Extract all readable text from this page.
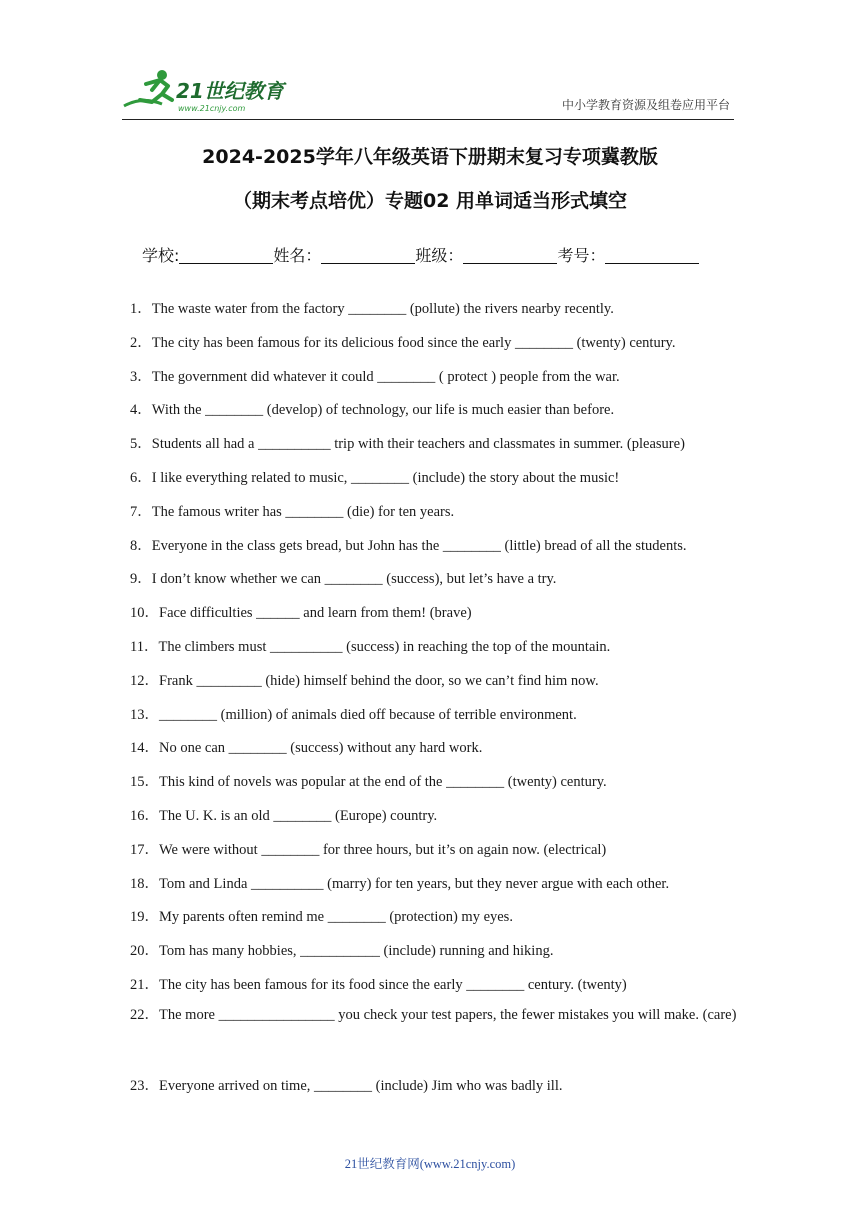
21世纪教育
www.21cnjy.com	中小学教育资源及组卷应用平台
2024-2025学年八年级英语下册期末复习专项冀教版
（期末考点培优）专题02 用单词适当形式填空
学校:	姓名：	班级：	考号：
1．The waste water from the factory ________ (pollute) the rivers nearby recently.
2．The city has been famous for its delicious food since the early ________ (twenty) century.
3．The government did whatever it could ________ ( protect ) people from the war.
4．With the ________ (develop) of technology, our life is much easier than before.
5．Students all had a __________ trip with their teachers and classmates in summer. (pleasure)
6．I like everything related to music, ________ (include) the story about the music!
7．The famous writer has ________ (die) for ten years.
8．Everyone in the class gets bread, but John has the ________ (little) bread of all the students.
9．I don’t know whether we can ________ (success), but let’s have a try.
10．Face difficulties ______ and learn from them! (brave)
11．The climbers must __________ (success) in reaching the top of the mountain.
12．Frank _________ (hide) himself behind the door, so we can’t find him now.
13．________ (million) of animals died off because of terrible environment.
14．No one can ________ (success) without any hard work.
15．This kind of novels was popular at the end of the ________ (twenty) century.
16．The U. K. is an old ________ (Europe) country.
17．We were without ________ for three hours, but it’s on again now. (electrical)
18．Tom and Linda __________ (marry) for ten years, but they never argue with each other.
19．My parents often remind me ________ (protection) my eyes.
20．Tom has many hobbies, ___________ (include) running and hiking.
21．The city has been famous for its food since the early ________ century. (twenty)
22．The more ________________ you check your test papers, the fewer mistakes you will make. (care)
23．Everyone arrived on time, ________ (include) Jim who was badly ill.
21世纪教育网(www.21cnjy.com)
